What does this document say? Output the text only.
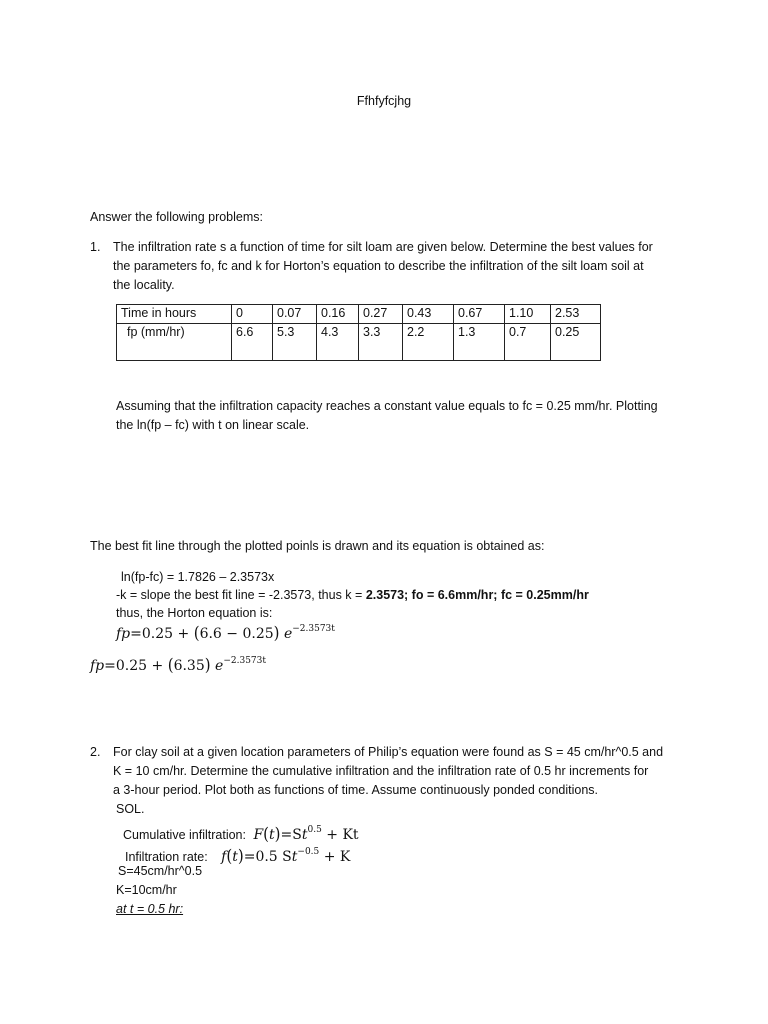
Ffhfyfcjhg
Answer the following problems:
1. The infiltration rate s a function of time for silt loam are given below. Determine the best values for
the parameters fo, fc and k for Horton’s equation to describe the infiltration of the silt loam soil at
the locality.
Time in hours	0	0.07	0.16	0.27	0.43	0.67	1.10	2.53
fp (mm/hr)	6.6	5.3	4.3	3.3	2.2	1.3	0.7	0.25

Assuming that the infiltration capacity reaches a constant value equals to fc = 0.25 mm/hr. Plotting
the ln(fp – fc) with t on linear scale.
The best fit line through the plotted poinls is drawn and its equation is obtained as:
ln(fp-fc) = 1.7826 – 2.3573x
-k = slope the best fit line = -2.3573, thus k = 2.3573; fo = 6.6mm/hr; fc = 0.25mm/hr
thus, the Horton equation is:
fp=0.25 + (6.6 − 0.25) $e^{-2.3573t}$
fp=0.25 + (6.35) $e^{-2.3573t}$
2. For clay soil at a given location parameters of Philip’s equation were found as S = 45 cm/hr^0.5 and
K = 10 cm/hr. Determine the cumulative infiltration and the infiltration rate of 0.5 hr increments for
a 3-hour period. Plot both as functions of time. Assume continuously ponded conditions.
SOL.
Cumulative infiltration: $F(t)=St^{0.5} + Kt$
Infiltration rate: f(t)=0.5 $St^{-0.5} + K$
S=45cm/hr^0.5
K=10cm/hr
at t = 0.5 hr:
